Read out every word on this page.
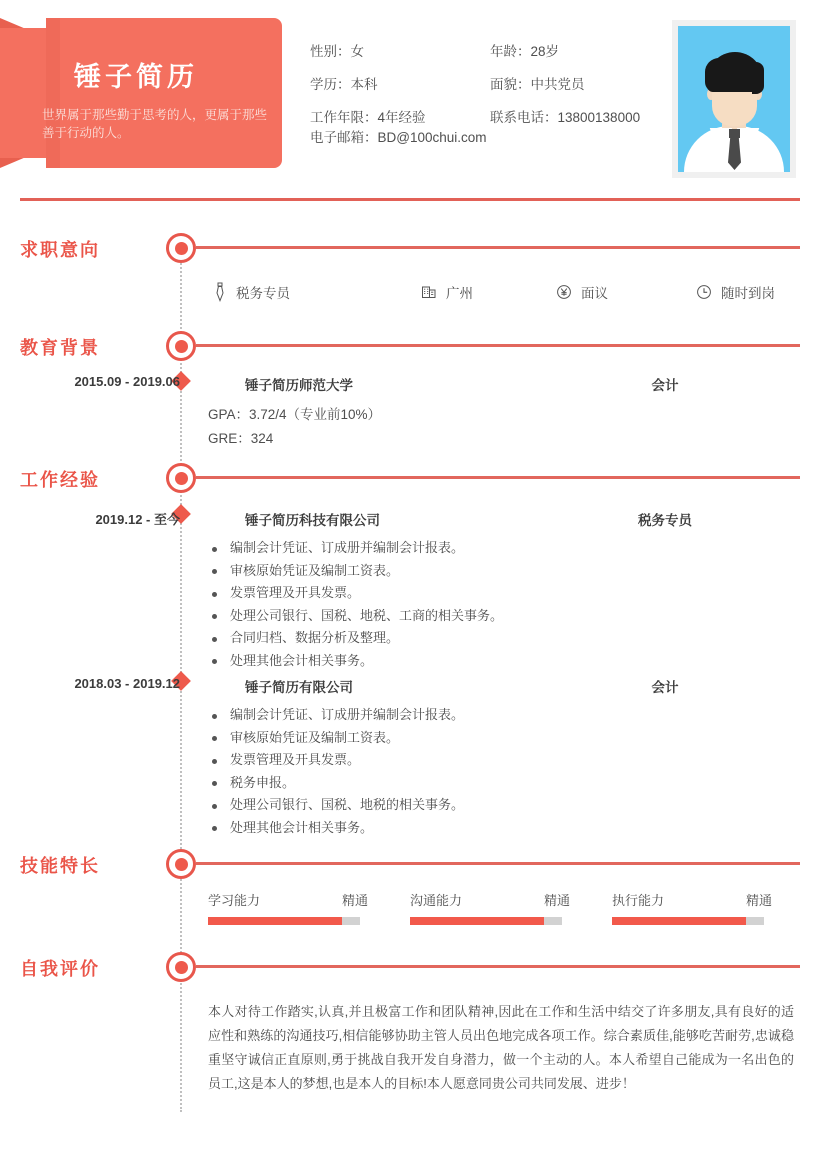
锤子简历
世界属于那些勤于思考的人，更属于那些善于行动的人。
性别：女	年龄：28岁
学历：本科	面貌：中共党员
工作年限：4年经验	联系电话：13800138000
电子邮箱：BD@100chui.com
求职意向
税务专员	广州	面议	随时到岗
教育背景
2015.09 - 2019.06	锤子简历师范大学	会计
GPA：3.72/4（专业前10%）
GRE：324
工作经验
2019.12 - 至今	锤子简历科技有限公司	税务专员
编制会计凭证、订成册并编制会计报表。
审核原始凭证及编制工资表。
发票管理及开具发票。
处理公司银行、国税、地税、工商的相关事务。
合同归档、数据分析及整理。
处理其他会计相关事务。
2018.03 - 2019.12	锤子简历有限公司	会计
编制会计凭证、订成册并编制会计报表。
审核原始凭证及编制工资表。
发票管理及开具发票。
税务申报。
处理公司银行、国税、地税的相关事务。
处理其他会计相关事务。
技能特长
学习能力	精通	沟通能力	精通	执行能力	精通
自我评价
本人对待工作踏实,认真,并且极富工作和团队精神,因此在工作和生活中结交了许多朋友,具有良好的适应性和熟练的沟通技巧,相信能够协助主管人员出色地完成各项工作。综合素质佳,能够吃苦耐劳,忠诚稳重坚守诚信正直原则,勇于挑战自我开发自身潜力，做一个主动的人。本人希望自己能成为一名出色的员工,这是本人的梦想,也是本人的目标!本人愿意同贵公司共同发展、进步！
